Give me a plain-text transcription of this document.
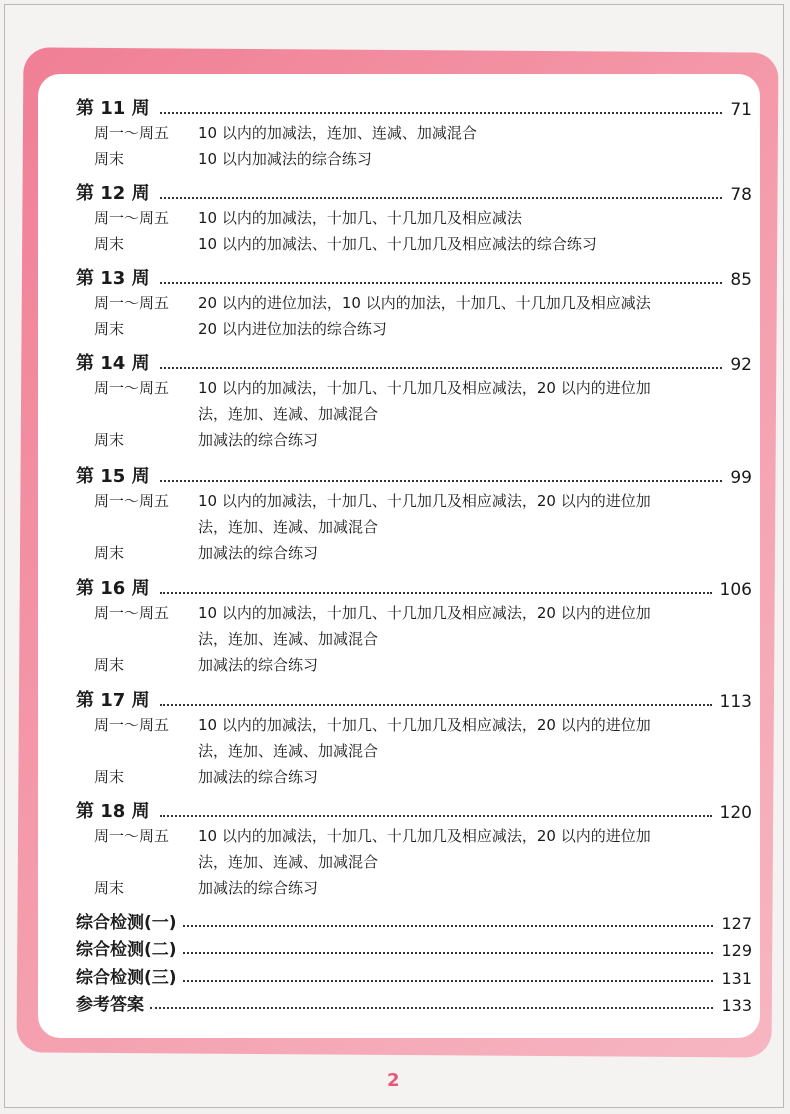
第 11 周	71
周一～周五 10 以内的加减法，连加、连减、加减混合
周末	10 以内加减法的综合练习
第 12 周	78
周一～周五 10 以内的加减法，十加几、十几加几及相应减法
周末	10 以内的加减法、十加几、十几加几及相应减法的综合练习
第 13 周	85
周一～周五 20 以内的进位加法，10 以内的加法，十加几、十几加几及相应减法
周末	20 以内进位加法的综合练习
第 14 周	92
周一～周五 10 以内的加减法，十加几、十几加几及相应减法，20 以内的进位加
法，连加、连减、加减混合
周末	加减法的综合练习
第 15 周	99
周一～周五 10 以内的加减法，十加几、十几加几及相应减法，20 以内的进位加
法，连加、连减、加减混合
周末	加减法的综合练习
第 16 周	106
周一～周五 10 以内的加减法，十加几、十几加几及相应减法，20 以内的进位加
法，连加、连减、加减混合
周末	加减法的综合练习
第 17 周	113
周一～周五 10 以内的加减法，十加几、十几加几及相应减法，20 以内的进位加
法，连加、连减、加减混合
周末	加减法的综合练习
第 18 周	120
周一～周五 10 以内的加减法，十加几、十几加几及相应减法，20 以内的进位加
法，连加、连减、加减混合
周末	加减法的综合练习
综合检测(一)	127
综合检测(二)	129
综合检测(三)	131
参考答案	133
2
